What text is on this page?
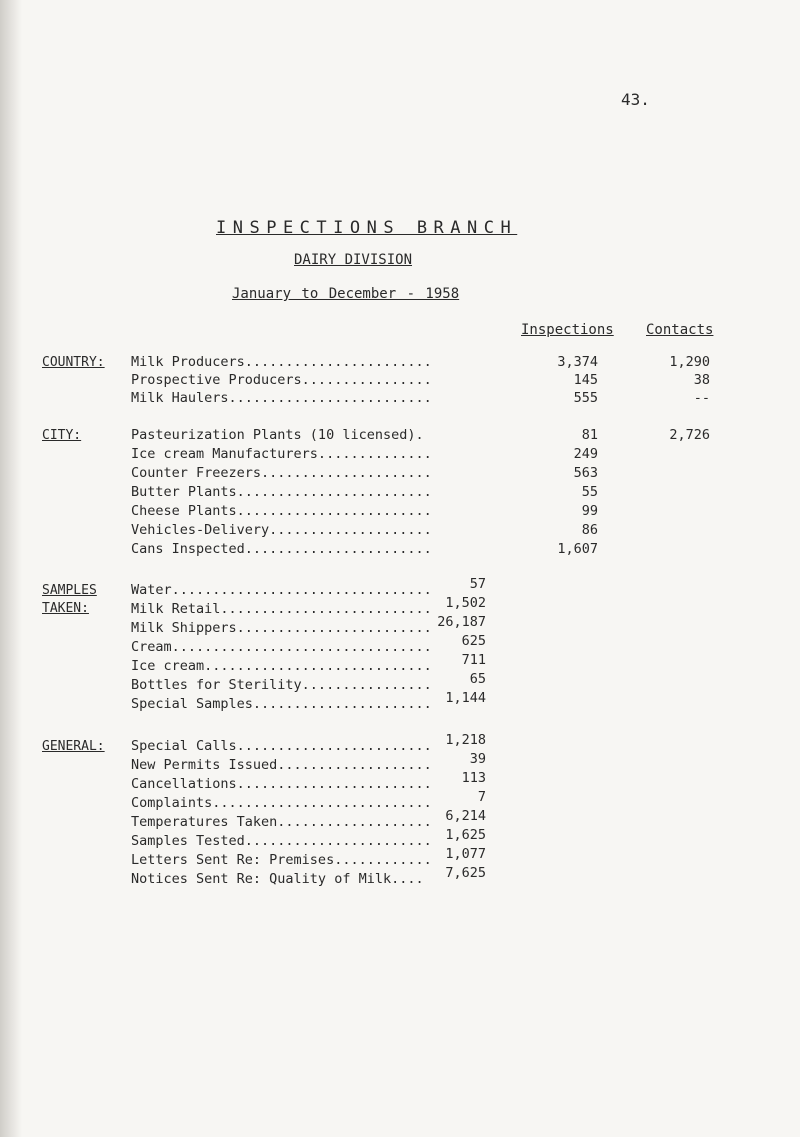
43.
INSPECTIONS BRANCH
DAIRY DIVISION
January to December - 1958
Inspections Contacts
COUNTRY: Milk Producers.......................	3,374	1,290
Prospective Producers................	145	38
Milk Haulers.........................	555	--
CITY:	Pasteurization Plants (10 licensed).	81	2,726
Ice cream Manufacturers..............	249
Counter Freezers.....................	563
Butter Plants........................	55
Cheese Plants........................	99
Vehicles-Delivery....................	86
Cans Inspected.......................	1,607
SAMPLES
TAKEN:
Water................................	57
Milk Retail..........................	1,502
Milk Shippers........................ 26,187
Cream................................	625
Ice cream............................	711
Bottles for Sterility................	65
Special Samples......................	1,144
GENERAL: Special Calls........................	1,218
New Permits Issued...................	39
Cancellations........................	113
Complaints...........................	7
Temperatures Taken...................	6,214
Samples Tested.......................	1,625
Letters Sent Re: Premises............	1,077
Notices Sent Re: Quality of Milk....	7,625
